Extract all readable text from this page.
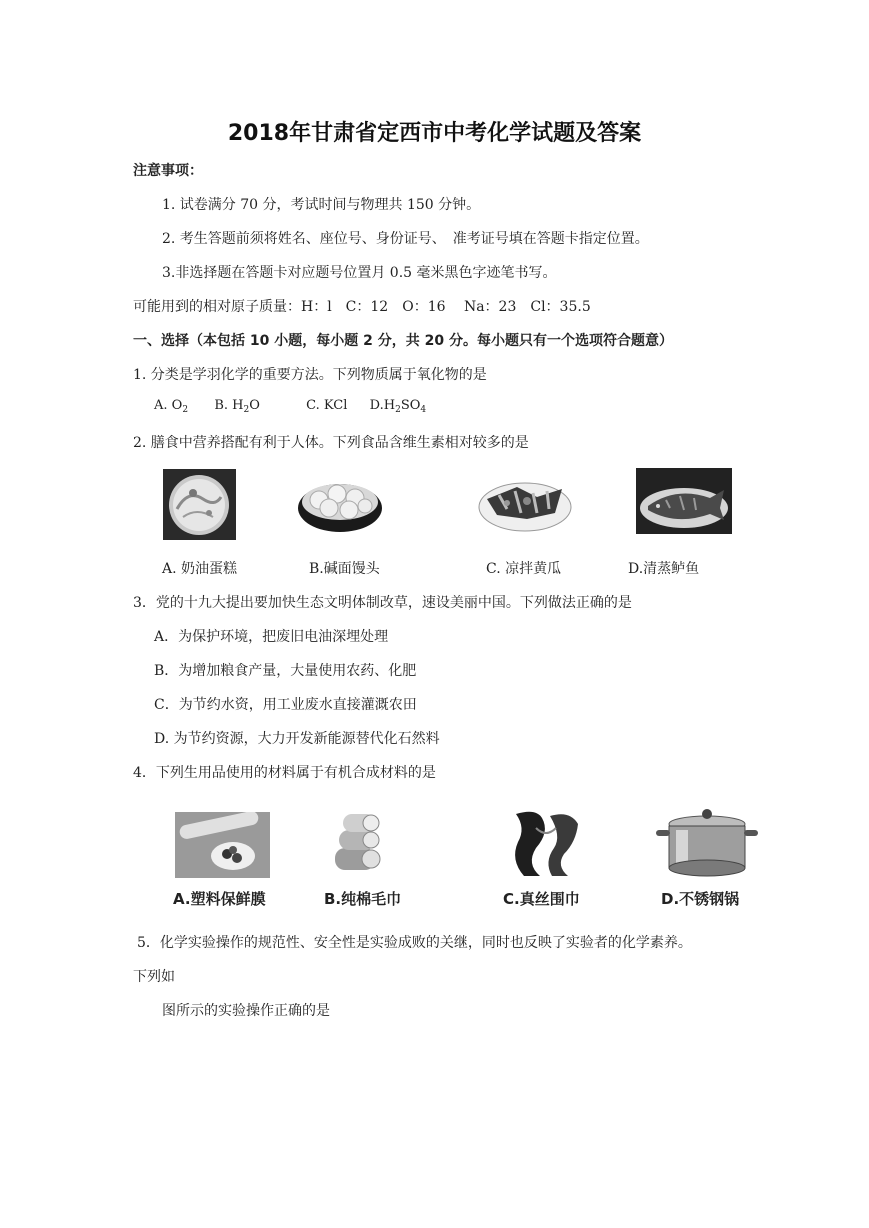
2018年甘肃省定西市中考化学试题及答案
注意事项：
1. 试卷满分 70 分，考试时间与物理共 150 分钟。
2. 考生答题前须将姓名、座位号、身份证号、　准考证号填在答题卡指定位置。
3.非选择题在答题卡对应题号位置月 0.5 毫米黑色字迹笔书写。
可能用到的相对原子质量：H：l　C：12　O：16　 Na：23　Cl：35.5
一、选择（本包括 10 小题，每小题 2 分，共 20 分。每小题只有一个选项符合题意）
1. 分类是学羽化学的重要方法。下列物质属于氧化物的是
A. $O_2$ B. $H_2O$	C. KCl $D.H_2SO_4$
2. 膳食中营养搭配有利于人体。下列食品含维生素相对较多的是
A. 奶油蛋糕	B.碱面馒头	C. 凉拌黄瓜	D.清蒸鲈鱼
3．党的十九大提出要加快生态文明体制改草，速设美丽中国。下列做法正确的是
A．为保护环境，把废旧电油深埋处理
B．为增加粮食产量，大量使用农药、化肥
C．为节约水资，用工业废水直接灌溉农田
D. 为节约资源，大力开发新能源替代化石然料
4．下列生用品使用的材料属于有机合成材料的是
A.塑料保鲜膜	B.纯棉毛巾	C.真丝围巾	D.不锈钢锅
5．化学实验操作的规范性、安全性是实验成败的关继，同时也反映了实验者的化学素养。
下列如
图所示的实验操作正确的是
